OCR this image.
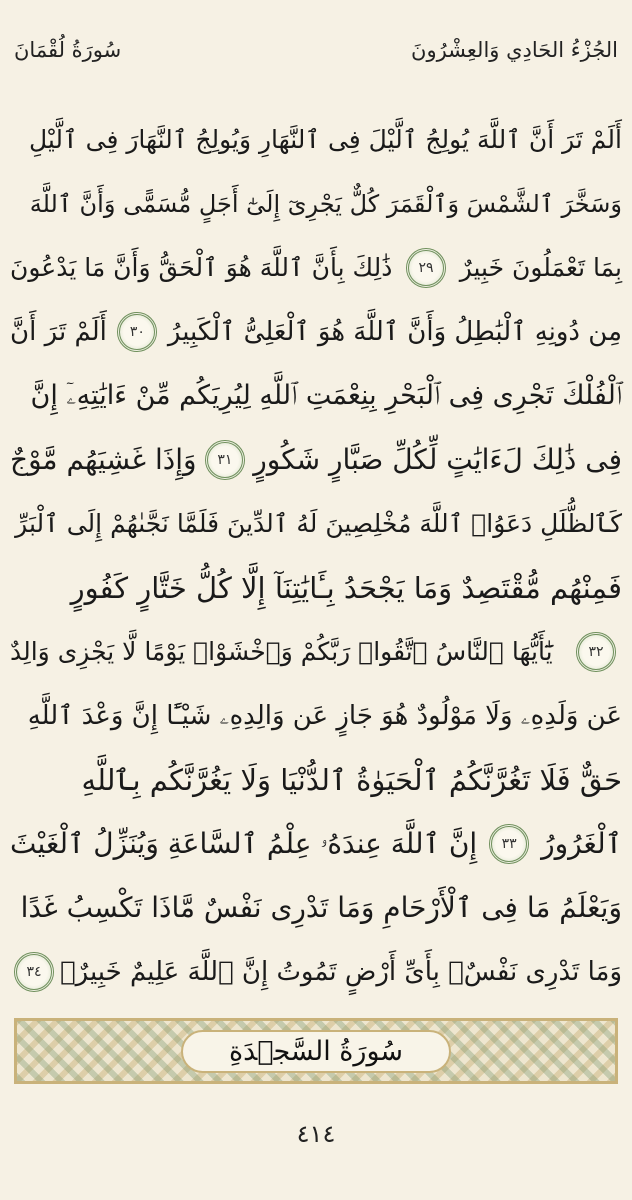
الجُزْءُ الحَادِي وَالعِشْرُونَ
سُورَةُ لُقْمَانَ
أَلَمْ تَرَ أَنَّ ٱللَّهَ يُولِجُ ٱلَّيْلَ فِى ٱلنَّهَارِ وَيُولِجُ ٱلنَّهَارَ فِى ٱلَّيْلِ
وَسَخَّرَ ٱلشَّمْسَ وَٱلْقَمَرَ كُلٌّ يَجْرِىٓ إِلَىٰٓ أَجَلٍ مُّسَمًّى وَأَنَّ ٱللَّهَ
بِمَا تَعْمَلُونَ خَبِيرٌ
٢٩
ذَٰلِكَ بِأَنَّ ٱللَّهَ هُوَ ٱلْحَقُّ وَأَنَّ مَا يَدْعُونَ
مِن دُونِهِ ٱلْبَٰطِلُ وَأَنَّ ٱللَّهَ هُوَ ٱلْعَلِىُّ ٱلْكَبِيرُ
٣٠
أَلَمْ تَرَ أَنَّ
ٱلْفُلْكَ تَجْرِى فِى ٱلْبَحْرِ بِنِعْمَتِ ٱللَّهِ لِيُرِيَكُم مِّنْ ءَايَٰتِهِۦٓ إِنَّ
فِى ذَٰلِكَ لَءَايَٰتٍ لِّكُلِّ صَبَّارٍ شَكُورٍ
٣١
وَإِذَا غَشِيَهُم مَّوْجٌ
كَٱلظُّلَلِ دَعَوُا۟ ٱللَّهَ مُخْلِصِينَ لَهُ ٱلدِّينَ فَلَمَّا نَجَّىٰهُمْ إِلَى ٱلْبَرِّ
فَمِنْهُم مُّقْتَصِدٌ وَمَا يَجْحَدُ بِـَٔايَٰتِنَآ إِلَّا كُلُّ خَتَّارٍ كَفُورٍ
٣٢
يَٰٓأَيُّهَا ٱلنَّاسُ ٱتَّقُوا۟ رَبَّكُمْ وَٱخْشَوْا۟ يَوْمًا لَّا يَجْزِى وَالِدٌ
عَن وَلَدِهِۦ وَلَا مَوْلُودٌ هُوَ جَازٍ عَن وَالِدِهِۦ شَيْـًٔا إِنَّ وَعْدَ ٱللَّهِ
حَقٌّ فَلَا تَغُرَّنَّكُمُ ٱلْحَيَوٰةُ ٱلدُّنْيَا وَلَا يَغُرَّنَّكُم بِٱللَّهِ
ٱلْغَرُورُ
٣٣
إِنَّ ٱللَّهَ عِندَهُۥ عِلْمُ ٱلسَّاعَةِ وَيُنَزِّلُ ٱلْغَيْثَ
وَيَعْلَمُ مَا فِى ٱلْأَرْحَامِ وَمَا تَدْرِى نَفْسٌ مَّاذَا تَكْسِبُ غَدًا
وَمَا تَدْرِى نَفْسٌۢ بِأَىِّ أَرْضٍ تَمُوتُ إِنَّ ٱللَّهَ عَلِيمٌ خَبِيرٌۢ
٣٤
سُورَةُ السَّجۡدَةِ
٤١٤
